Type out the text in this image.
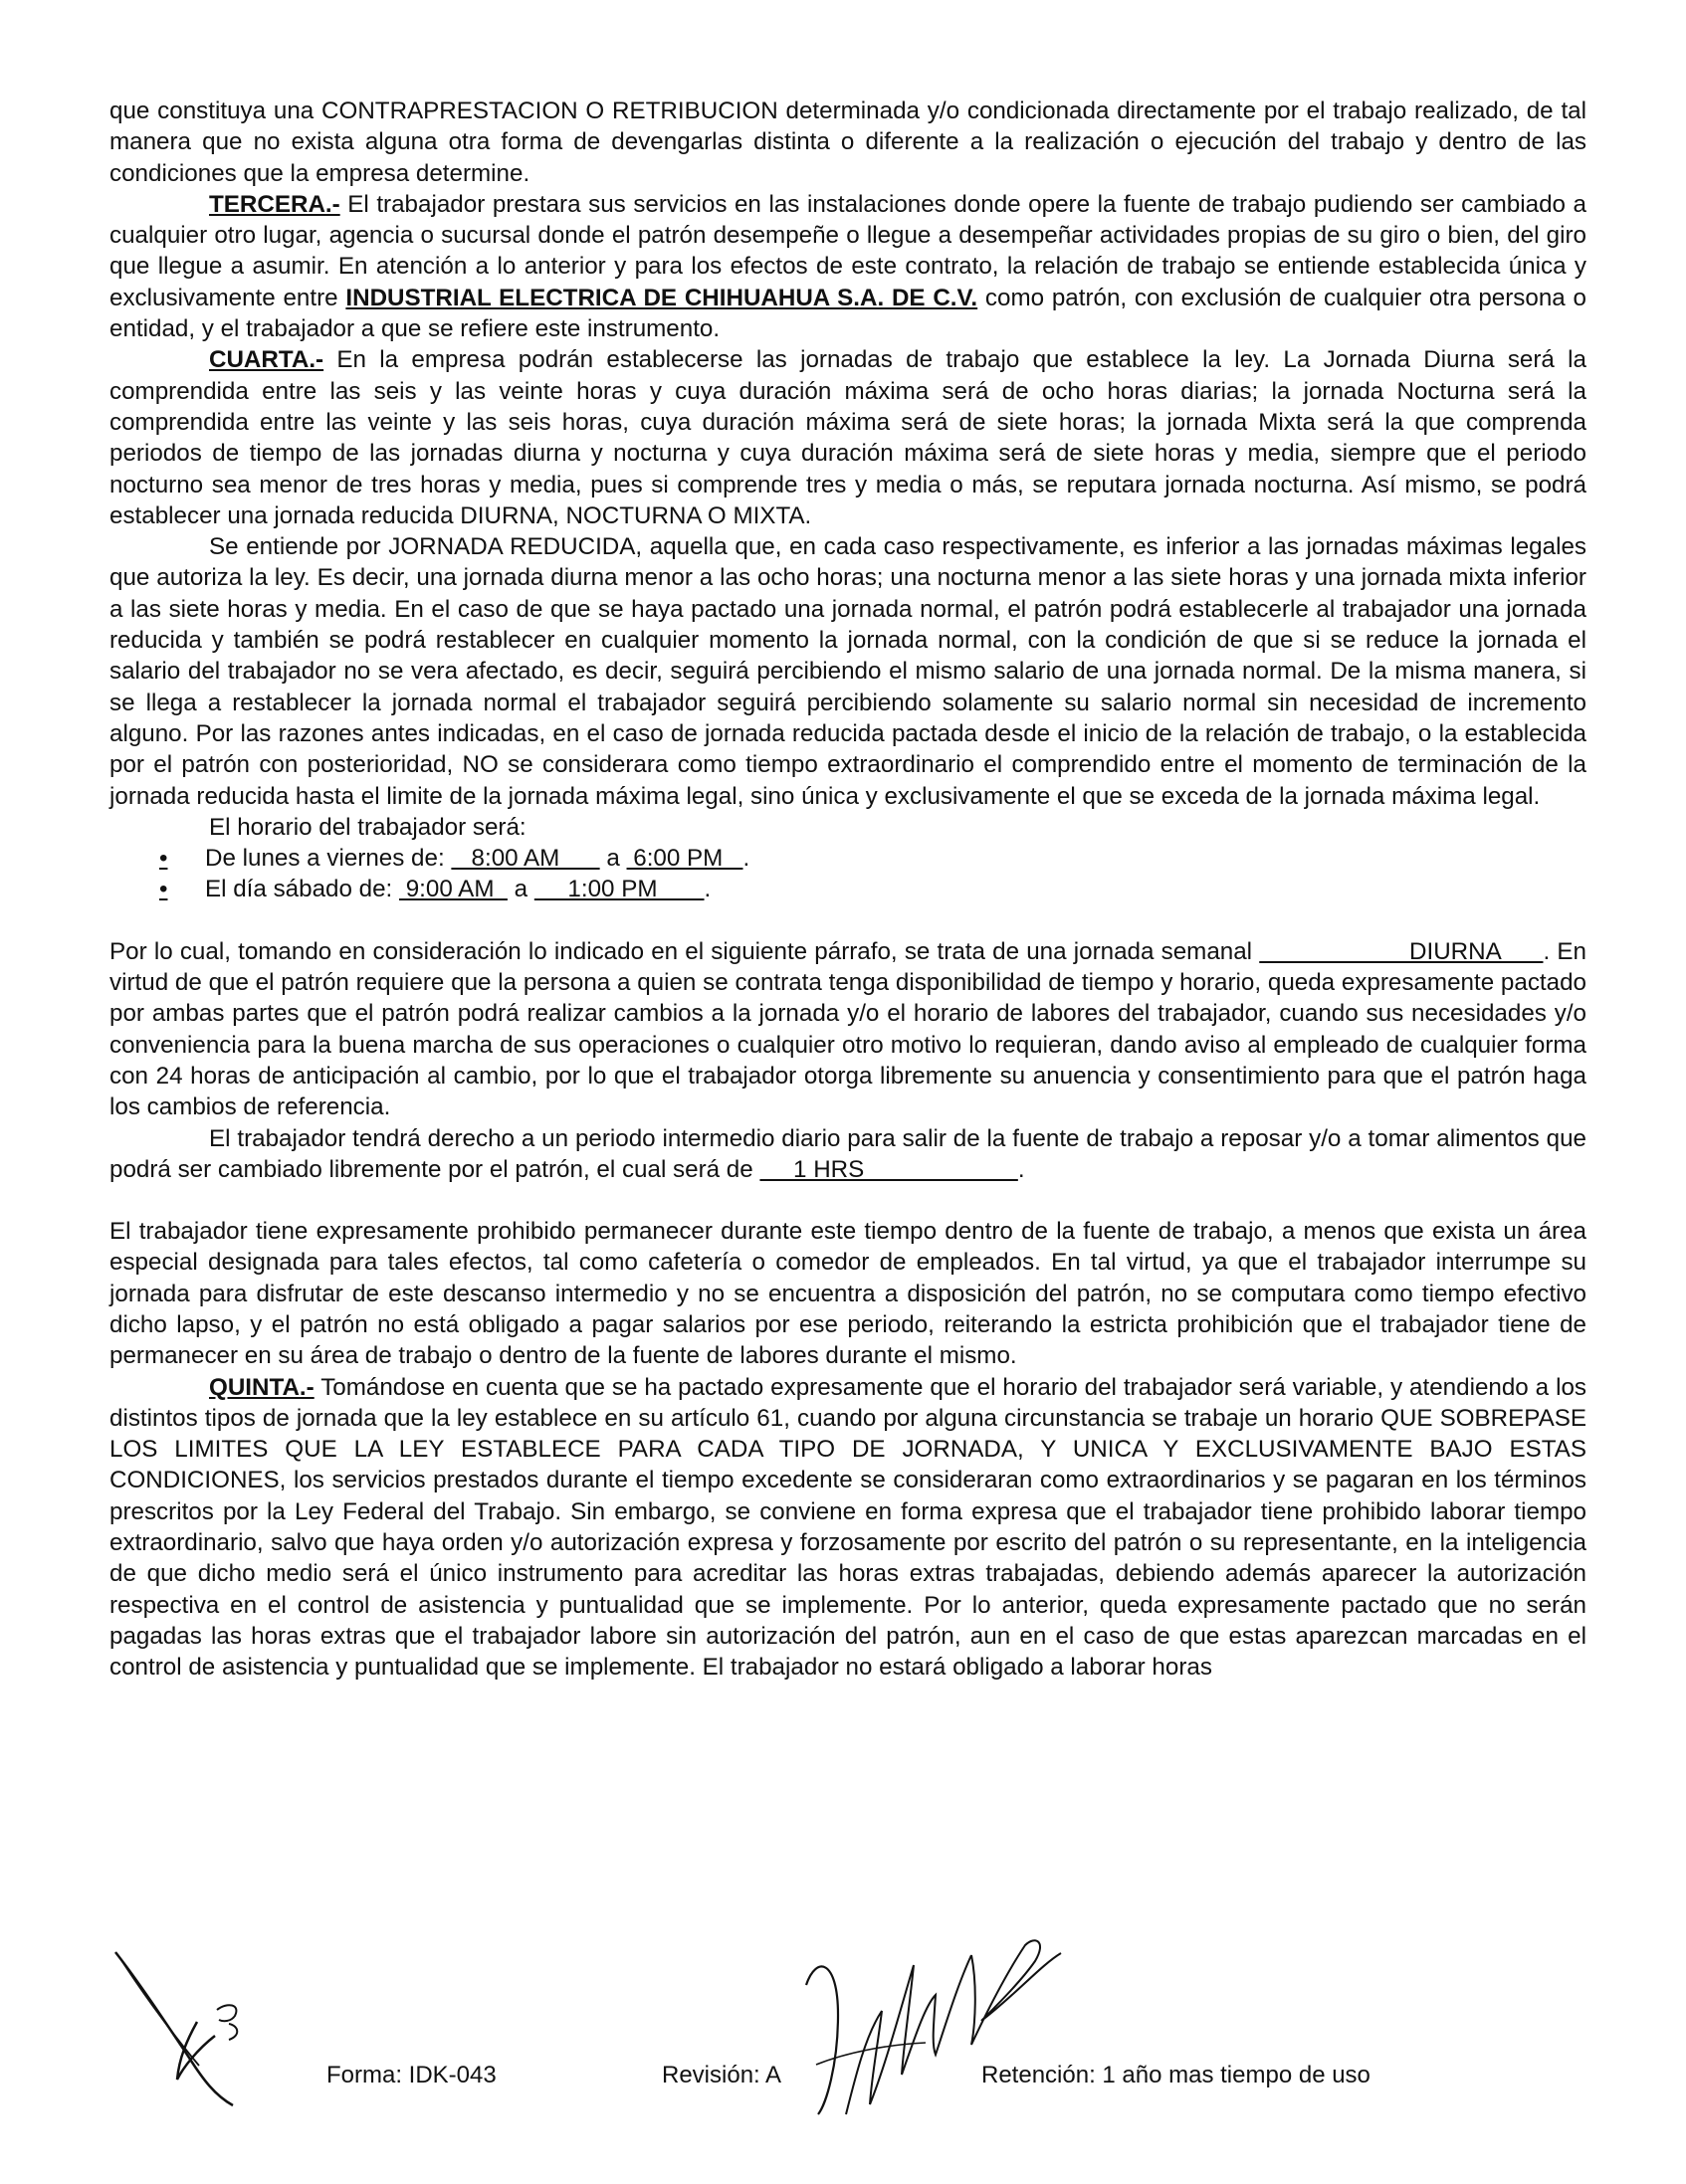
que constituya una CONTRAPRESTACION O RETRIBUCION determinada y/o condicionada directamente por el trabajo realizado, de tal manera que no exista alguna otra forma de devengarlas distinta o diferente a la realización o ejecución del trabajo y dentro de las condiciones que la empresa determine.

TERCERA.- El trabajador prestara sus servicios en las instalaciones donde opere la fuente de trabajo pudiendo ser cambiado a cualquier otro lugar, agencia o sucursal donde el patrón desempeñe o llegue a desempeñar actividades propias de su giro o bien, del giro que llegue a asumir. En atención a lo anterior y para los efectos de este contrato, la relación de trabajo se entiende establecida única y exclusivamente entre INDUSTRIAL ELECTRICA DE CHIHUAHUA S.A. DE C.V. como patrón, con exclusión de cualquier otra persona o entidad, y el trabajador a que se refiere este instrumento.

CUARTA.- En la empresa podrán establecerse las jornadas de trabajo que establece la ley. La Jornada Diurna será la comprendida entre las seis y las veinte horas y cuya duración máxima será de ocho horas diarias; la jornada Nocturna será la comprendida entre las veinte y las seis horas, cuya duración máxima será de siete horas; la jornada Mixta será la que comprenda periodos de tiempo de las jornadas diurna y nocturna y cuya duración máxima será de siete horas y media, siempre que el periodo nocturno sea menor de tres horas y media, pues si comprende tres y media o más, se reputara jornada nocturna. Así mismo, se podrá establecer una jornada reducida DIURNA, NOCTURNA O MIXTA.

Se entiende por JORNADA REDUCIDA, aquella que, en cada caso respectivamente, es inferior a las jornadas máximas legales que autoriza la ley. Es decir, una jornada diurna menor a las ocho horas; una nocturna menor a las siete horas y una jornada mixta inferior a las siete horas y media. En el caso de que se haya pactado una jornada normal, el patrón podrá establecerle al trabajador una jornada reducida y también se podrá restablecer en cualquier momento la jornada normal, con la condición de que si se reduce la jornada el salario del trabajador no se vera afectado, es decir, seguirá percibiendo el mismo salario de una jornada normal. De la misma manera, si se llega a restablecer la jornada normal el trabajador seguirá percibiendo solamente su salario normal sin necesidad de incremento alguno. Por las razones antes indicadas, en el caso de jornada reducida pactada desde el inicio de la relación de trabajo, o la establecida por el patrón con posterioridad, NO se considerara como tiempo extraordinario el comprendido entre el momento de terminación de la jornada reducida hasta el limite de la jornada máxima legal, sino única y exclusivamente el que se exceda de la jornada máxima legal.

El horario del trabajador será:

• De lunes a viernes de:    8:00 AM       a  6:00 PM   .
• El día sábado de:  9:00 AM   a      1:00 PM       .

Por lo cual, tomando en consideración lo indicado en el siguiente párrafo, se trata de una jornada semanal                      DIURNA      . En virtud de que el patrón requiere que la persona a quien se contrata tenga disponibilidad de tiempo y horario, queda expresamente pactado por ambas partes que el patrón podrá realizar cambios a la jornada y/o el horario de labores del trabajador, cuando sus necesidades y/o conveniencia para la buena marcha de sus operaciones o cualquier otro motivo lo requieran, dando aviso al empleado de cualquier forma con 24 horas de anticipación al cambio, por lo que el trabajador otorga libremente su anuencia y consentimiento para que el patrón haga los cambios de referencia.

El trabajador tendrá derecho a un periodo intermedio diario para salir de la fuente de trabajo a reposar y/o a tomar alimentos que podrá ser cambiado libremente por el patrón, el cual será de      1 HRS                       .

El trabajador tiene expresamente prohibido permanecer durante este tiempo dentro de la fuente de trabajo, a menos que exista un área especial designada para tales efectos, tal como cafetería o comedor de empleados. En tal virtud, ya que el trabajador interrumpe su jornada para disfrutar de este descanso intermedio y no se encuentra a disposición del patrón, no se computara como tiempo efectivo dicho lapso, y el patrón no está obligado a pagar salarios por ese periodo, reiterando la estricta prohibición que el trabajador tiene de permanecer en su área de trabajo o dentro de la fuente de labores durante el mismo.

QUINTA.- Tomándose en cuenta que se ha pactado expresamente que el horario del trabajador será variable, y atendiendo a los distintos tipos de jornada que la ley establece en su artículo 61, cuando por alguna circunstancia se trabaje un horario QUE SOBREPASE LOS LIMITES QUE LA LEY ESTABLECE PARA CADA TIPO DE JORNADA, Y UNICA Y EXCLUSIVAMENTE BAJO ESTAS CONDICIONES, los servicios prestados durante el tiempo excedente se consideraran como extraordinarios y se pagaran en los términos prescritos por la Ley Federal del Trabajo. Sin embargo, se conviene en forma expresa que el trabajador tiene prohibido laborar tiempo extraordinario, salvo que haya orden y/o autorización expresa y forzosamente por escrito del patrón o su representante, en la inteligencia de que dicho medio será el único instrumento para acreditar las horas extras trabajadas, debiendo además aparecer la autorización respectiva en el control de asistencia y puntualidad que se implemente. Por lo anterior, queda expresamente pactado que no serán pagadas las horas extras que el trabajador labore sin autorización del patrón, aun en el caso de que estas aparezcan marcadas en el control de asistencia y puntualidad que se implemente. El trabajador no estará obligado a laborar horas

Forma: IDK-043	Revisión: A	Retención: 1 año mas tiempo de uso
